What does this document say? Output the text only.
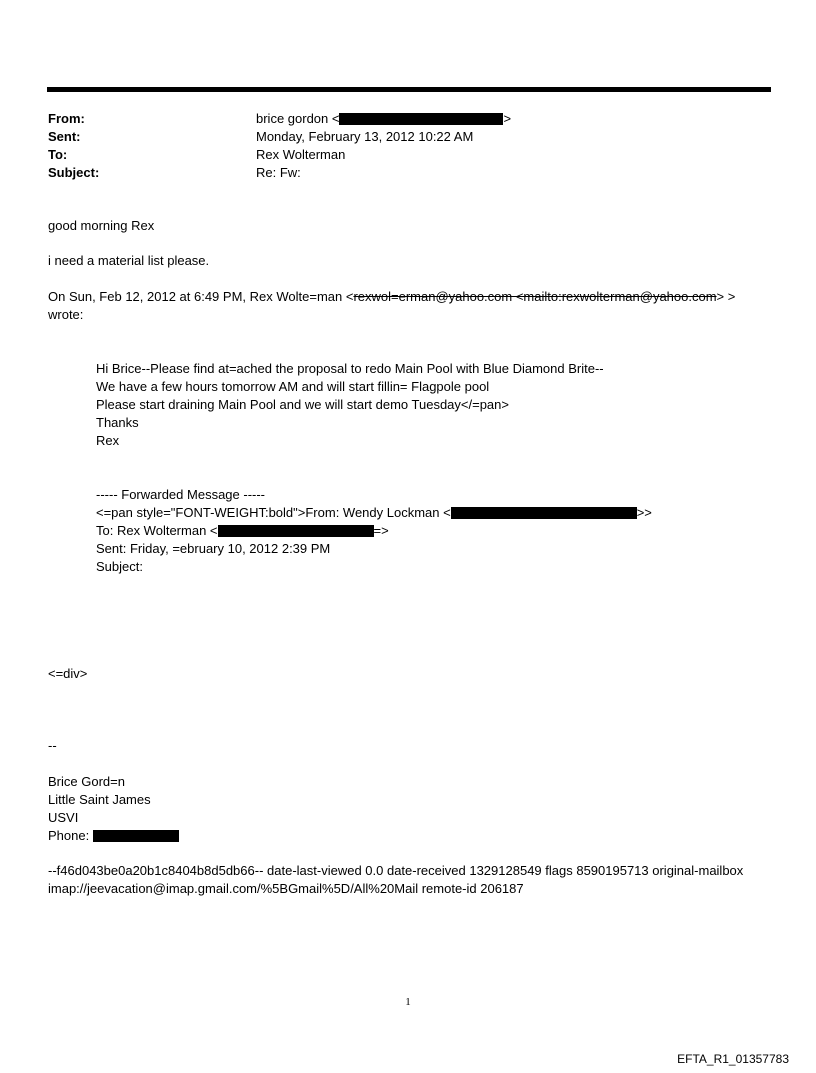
From:	brice gordon <	>
Sent:	Monday, February 13, 2012 10:22 AM
To:	Rex Wolterman
Subject:	Re: Fw:
good morning Rex
i need a material list please.
On Sun, Feb 12, 2012 at 6:49 PM, Rex Wolte=man <rexwol=erman@yahoo.com <mailto:rexwolterman@yahoo.com> >
wrote:
Hi Brice--Please find at=ached the proposal to redo Main Pool with Blue Diamond Brite--
We have a few hours tomorrow AM and will start fillin= Flagpole pool
Please start draining Main Pool and we will start demo Tuesday</=pan>
Thanks
Rex
----- Forwarded Message -----
<=pan style="FONT-WEIGHT:bold">From: Wendy Lockman <	>>
To: Rex Wolterman <	=>
Sent: Friday, =ebruary 10, 2012 2:39 PM
Subject:
<=div>
--
Brice Gord=n
Little Saint James
USVI
Phone:
--f46d043be0a20b1c8404b8d5db66-- date-last-viewed 0.0 date-received 1329128549 flags 8590195713 original-mailbox
imap://jeevacation@imap.gmail.com/%5BGmail%5D/All%20Mail remote-id 206187
1
EFTA_R1_01357783
